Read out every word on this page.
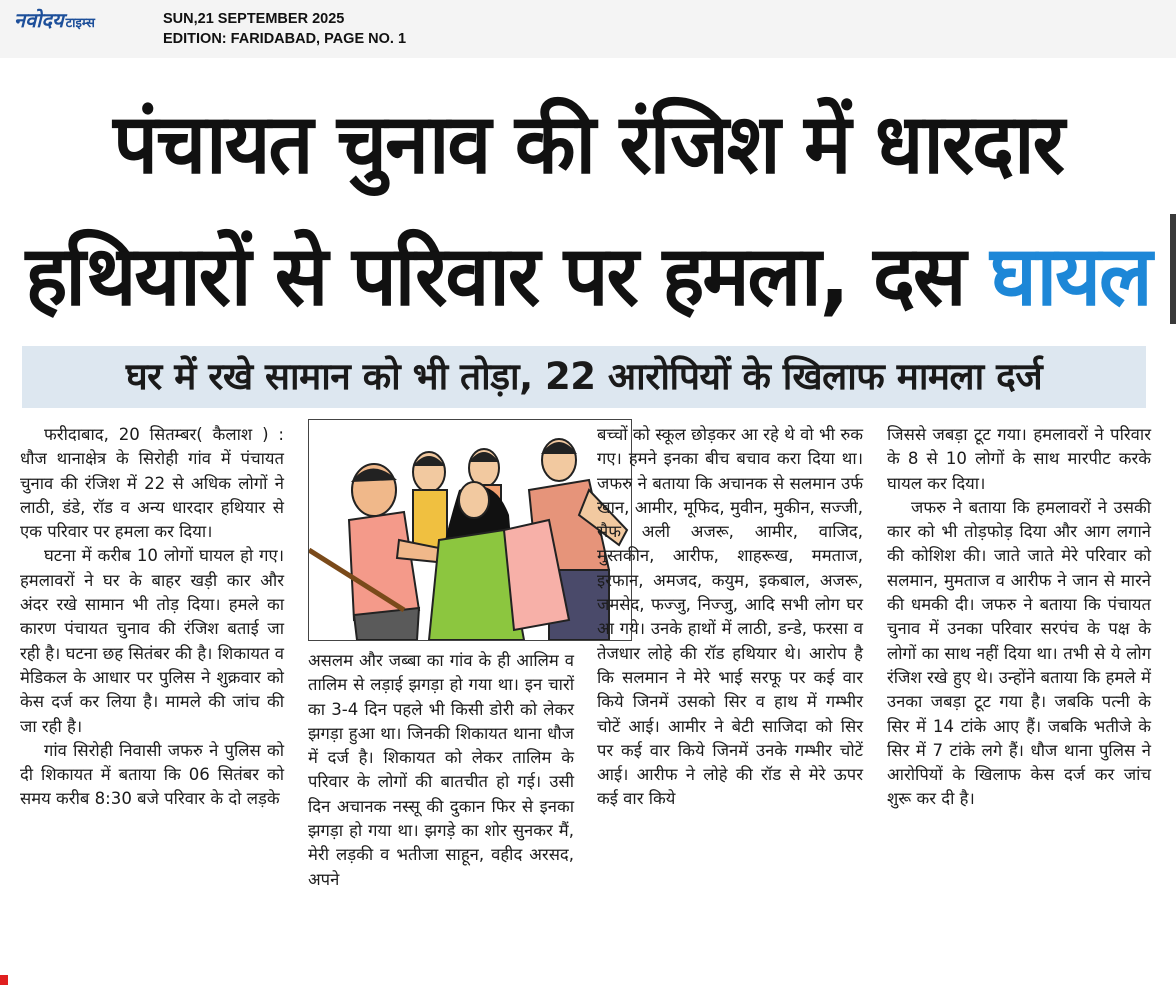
नवोदय टाइम्स	SUN,21 SEPTEMBER 2025
EDITION: FARIDABAD, PAGE NO. 1
पंचायत चुनाव की रंजिश में धारदार
हथियारों से परिवार पर हमला, दस घायल
घर में रखे सामान को भी तोड़ा, 22 आरोपियों के खिलाफ मामला दर्ज

फरीदाबाद, 20 सितम्बर( कैलाश ) : धौज थानाक्षेत्र के सिरोही गांव में पंचायत चुनाव की रंजिश में 22 से अधिक लोगों ने लाठी, डंडे, रॉड व अन्य धारदार हथियार से एक परिवार पर हमला कर दिया।

घटना में करीब 10 लोगों घायल हो गए। हमलावरों ने घर के बाहर खड़ी कार और अंदर रखे सामान भी तोड़ दिया। हमले का कारण पंचायत चुनाव की रंजिश बताई जा रही है। घटना छह सितंबर की है। शिकायत व मेडिकल के आधार पर पुलिस ने शुक्रवार को केस दर्ज कर लिया है। मामले की जांच की जा रही है।

गांव सिरोही निवासी जफरु ने पुलिस को दी शिकायत में बताया कि 06 सितंबर को समय करीब 8:30 बजे परिवार के दो लड़के

असलम और जब्बा का गांव के ही आलिम व तालिम से लड़ाई झगड़ा हो गया था। इन चारों का 3-4 दिन पहले भी किसी डोरी को लेकर झगड़ा हुआ था। जिनकी शिकायत थाना धौज में दर्ज है। शिकायत को लेकर तालिम के परिवार के लोगों की बातचीत हो गई। उसी दिन अचानक नस्सू की दुकान फिर से इनका झगड़ा हो गया था। झगड़े का शोर सुनकर मैं, मेरी लड़की व भतीजा साहून, वहीद अरसद, अपने

बच्चों को स्कूल छोड़कर आ रहे थे वो भी रुक गए। हमने इनका बीच बचाव करा दिया था। जफरु ने बताया कि अचानक से सलमान उर्फ खान, आमीर, मूफिद, मुवीन, मुकीन, सज्जी, सैफ अली अजरू, आमीर, वाजिद, मुस्तकीन, आरीफ, शाहरूख, ममताज, इरफान, अमजद, कयुम, इकबाल, अजरू, जमसेद, फज्जु, निज्जु, आदि सभी लोग घर आ गये। उनके हाथों में लाठी, डन्डे, फरसा व तेजधार लोहे की रॉड हथियार थे। आरोप है कि सलमान ने मेरे भाई सरफू पर कई वार किये जिनमें उसको सिर व हाथ में गम्भीर चोटें आई। आमीर ने बेटी साजिदा को सिर पर कई वार किये जिनमें उनके गम्भीर चोटें आई। आरीफ ने लोहे की रॉड से मेरे ऊपर कई वार किये

जिससे जबड़ा टूट गया। हमलावरों ने परिवार के 8 से 10 लोगों के साथ मारपीट करके घायल कर दिया।

जफरु ने बताया कि हमलावरों ने उसकी कार को भी तोड़फोड़ दिया और आग लगाने की कोशिश की। जाते जाते मेरे परिवार को सलमान, मुमताज व आरीफ ने जान से मारने की धमकी दी। जफरु ने बताया कि पंचायत चुनाव में उनका परिवार सरपंच के पक्ष के लोगों का साथ नहीं दिया था। तभी से ये लोग रंजिश रखे हुए थे। उन्होंने बताया कि हमले में उनका जबड़ा टूट गया है। जबकि पत्नी के सिर में 14 टांके आए हैं। जबकि भतीजे के सिर में 7 टांके लगे हैं। धौज थाना पुलिस ने आरोपियों के खिलाफ केस दर्ज कर जांच शुरू कर दी है।
